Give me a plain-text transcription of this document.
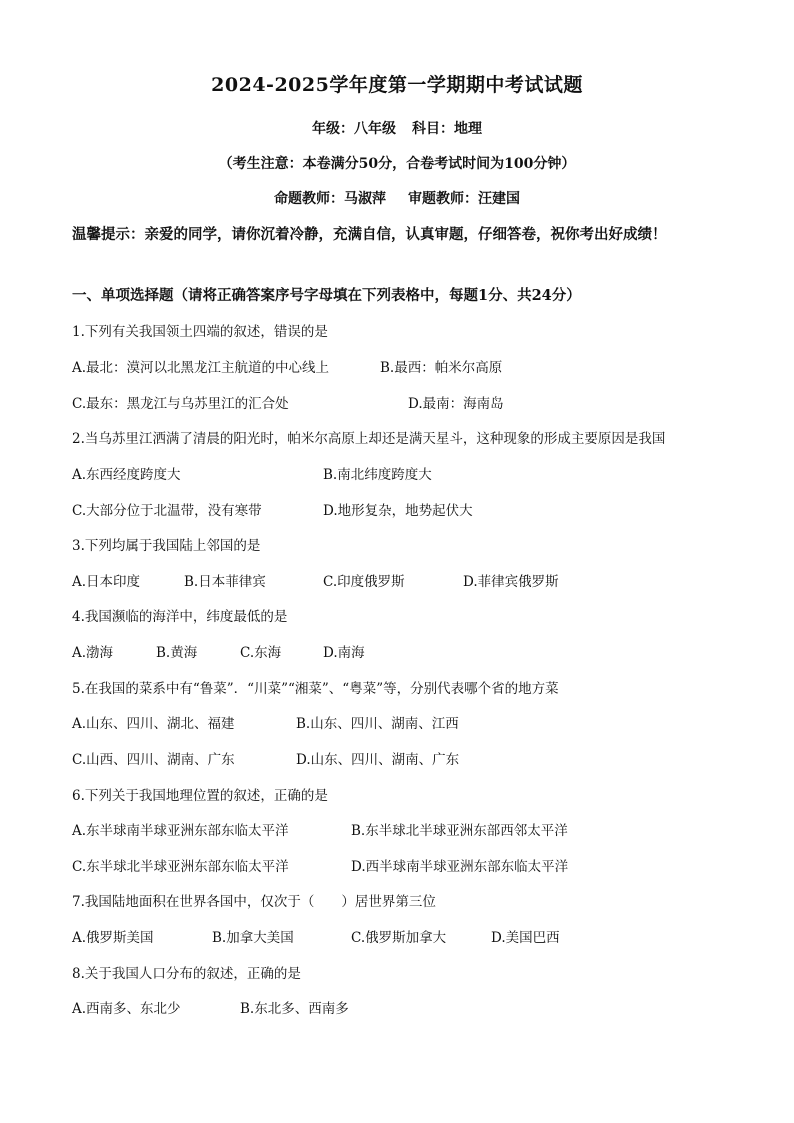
2024-2025学年度第一学期期中考试试题
年级：八年级 科目：地理
（考生注意：本卷满分50分，合卷考试时间为100分钟）
命题教师：马淑萍 审题教师：汪建国
温馨提示：亲爱的同学，请你沉着冷静，充满自信，认真审题，仔细答卷，祝你考出好成绩！
一、单项选择题（请将正确答案序号字母填在下列表格中，每题1分、共24分）
1.下列有关我国领土四端的叙述，错误的是
A.最北：漠河以北黑龙江主航道的中心线上	B.最西：帕米尔高原
C.最东：黑龙江与乌苏里江的汇合处	D.最南：海南岛
2.当乌苏里江洒满了清晨的阳光时，帕米尔高原上却还是满天星斗，这种现象的形成主要原因是我国
A.东西经度跨度大	B.南北纬度跨度大
C.大部分位于北温带，没有寒带	D.地形复杂，地势起伏大
3.下列均属于我国陆上邻国的是
A.日本印度	B.日本菲律宾	C.印度俄罗斯	D.菲律宾俄罗斯
4.我国濒临的海洋中，纬度最低的是
A.渤海	B.黄海	C.东海	D.南海
5.在我国的菜系中有“鲁菜”．“川菜”“湘菜”、“粤菜”等，分别代表哪个省的地方菜
A.山东、四川、湖北、福建	B.山东、四川、湖南、江西
C.山西、四川、湖南、广东	D.山东、四川、湖南、广东
6.下列关于我国地理位置的叙述，正确的是
A.东半球南半球亚洲东部东临太平洋	B.东半球北半球亚洲东部西邻太平洋
C.东半球北半球亚洲东部东临太平洋	D.西半球南半球亚洲东部东临太平洋
7.我国陆地面积在世界各国中，仅次于（　　）居世界第三位
A.俄罗斯美国	B.加拿大美国	C.俄罗斯加拿大	D.美国巴西
8.关于我国人口分布的叙述，正确的是
A.西南多、东北少	B.东北多、西南多
